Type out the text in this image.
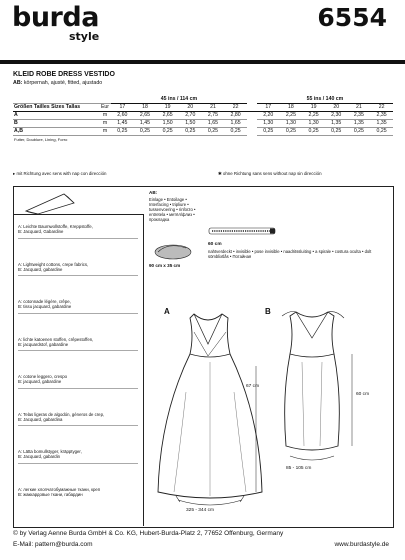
burda
style
6554
KLEID ROBE DRESS VESTIDO
AB: körpernah, ajusté, fitted, ajustado
		45 ins / 114 cm							55 ins / 140 cm					
Größen Tailles Sizes Tallas	Eur	17	18	19	20	21	22		17	18	19	20	21	22
A	m	2,60	2,65	2,65	2,70	2,75	2,80		2,20	2,25	2,25	2,30	2,35	2,35
B	m	1,45	1,45	1,50	1,50	1,65	1,65		1,30	1,30	1,30	1,35	1,35	1,35
A,B	m	0,25	0,25	0,25	0,25	0,25	0,25		0,25	0,25	0,25	0,25	0,25	0,25
Futter, Doublure, Lining, Forro														
▸ mit Richtung avec sens with nap con dirección	✱ ohne Richtung sans sens without nap sin dirección
AB:
Einlage • Entoilage • Interfacing • tripliure • tussenvoering • rinforzo • entretela • метёл/флиз • прокладка
90 cm x 35 cm
60 cm
nahtverdeckt • invisible • pose invisible • naadritssluiting • a spirale • costura oculta • dolt sömblixtlås • Потайная
A: Leichte Baumwollstoffe, Kreppstoffe,
B: Jacquard, Gabardine
A: Lightweight cottons, crepe fabrics,
B: Jacquard, gabardine
A: cotonnade légère, crêpe,
B: tissu jacquard, gabardine
A: lichte katoenen stoffen, crêpestoffen,
B: jacquardstof, gabardine
A: cotone leggero, crespo
B: jacquard, gabardine
A: Telas ligeras de algodón, géneros de crep,
B: Jacquard, gabardina
A: Lätta bomullstyger, kräpptyger,
B: Jacquard, gabardin
A: легкие хлопчатобумажные ткани, креп
B: жаккардовые ткани, габардин
A
67 cm
325 - 344 cm
B
60 cm
85 - 105 cm
© by Verlag Aenne Burda GmbH & Co. KG, Hubert-Burda-Platz 2, 77652 Offenburg, Germany
E-Mail: pattern@burda.com	www.burdastyle.de
